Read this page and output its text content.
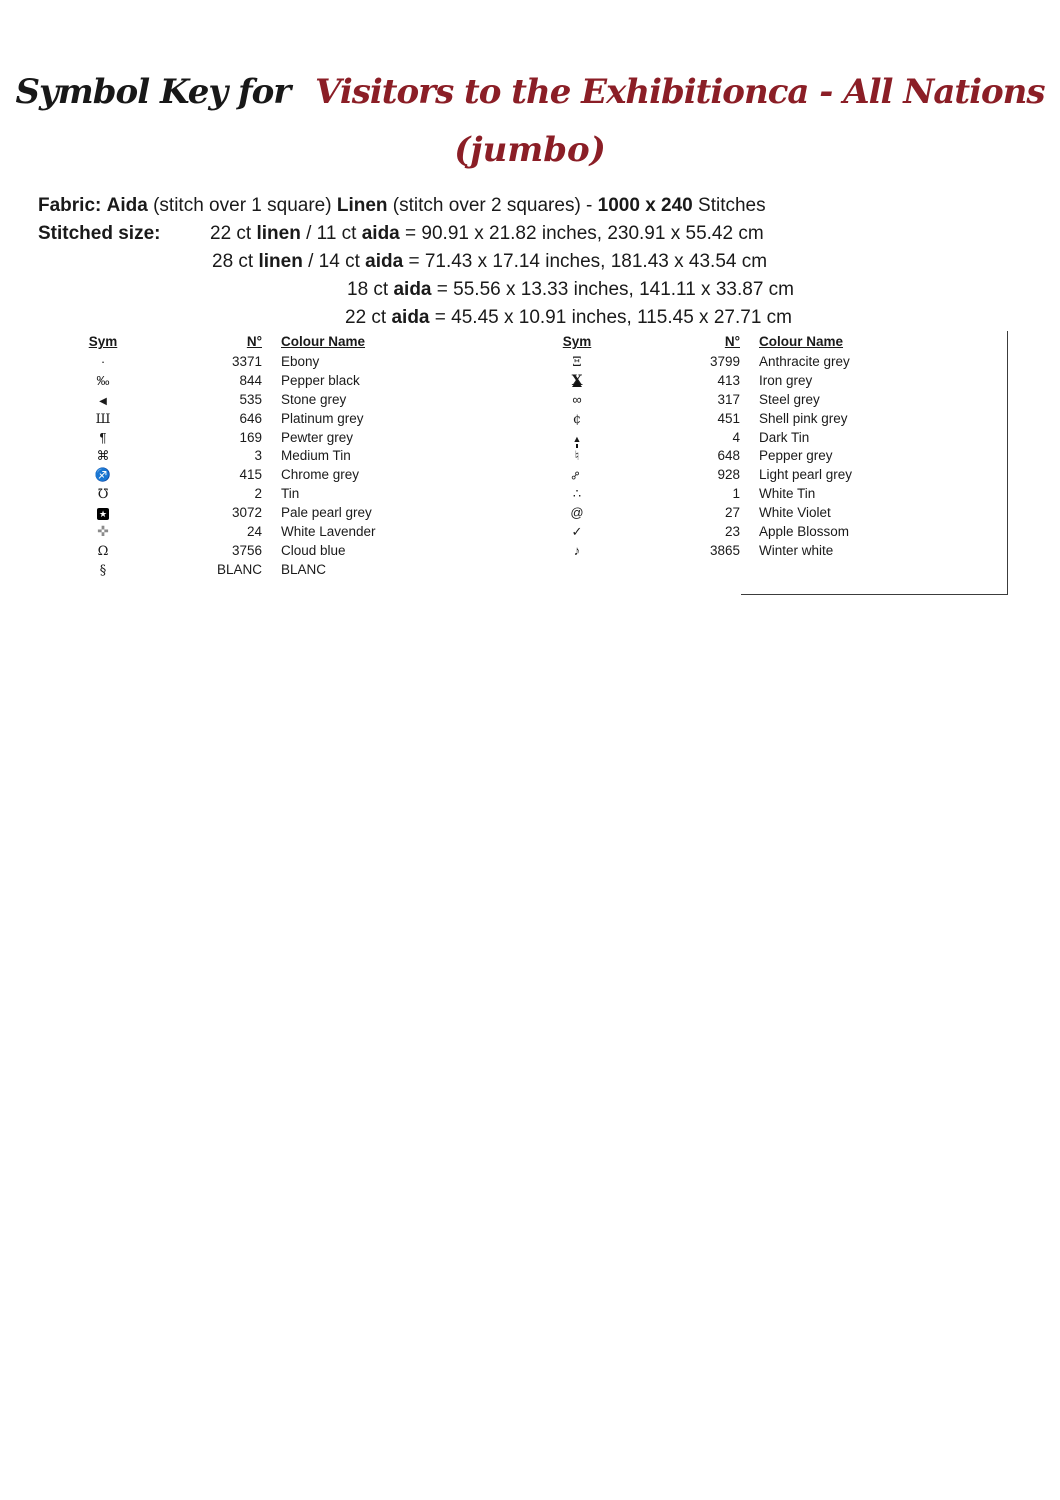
Symbol Key for Visitors to the Exhibitionca - All Nations
(jumbo)
Fabric: Aida (stitch over 1 square) Linen (stitch over 2 squares) - 1000 x 240 Stitches
Stitched size:	22 ct linen / 11 ct aida = 90.91 x 21.82 inches, 230.91 x 55.42 cm
28 ct linen / 14 ct aida = 71.43 x 17.14 inches, 181.43 x 43.54 cm
18 ct aida = 55.56 x 13.33 inches, 141.11 x 33.87 cm
22 ct aida = 45.45 x 10.91 inches, 115.45 x 27.71 cm
Sym	N° Colour Name
·	3371 Ebony
‰	844 Pepper black
◀	535 Stone grey
Ш	646 Platinum grey
¶	169 Pewter grey
⌘	3 Medium Tin
♐	415 Chrome grey
℧	2 Tin
★	3072 Pale pearl grey
✜	24 White Lavender
Ω	3756 Cloud blue
§	BLANC BLANC
Sym	N° Colour Name
Ξ	3799 Anthracite grey
X	413 Iron grey
∞	317 Steel grey
¢	451 Shell pink grey
▲	4 Dark Tin
♮	648 Pepper grey
⚯	928 Light pearl grey
∴	1 White Tin
@	27 White Violet
✓	23 Apple Blossom
♪	3865 Winter white
